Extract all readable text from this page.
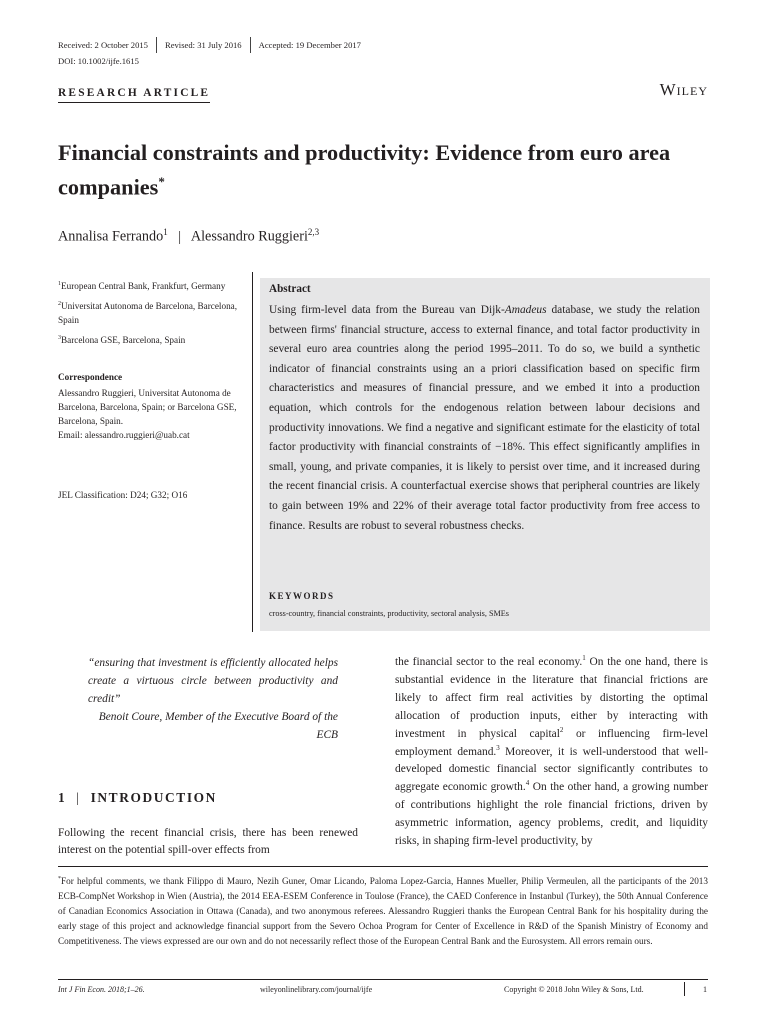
Received: 2 October 2015 Revised: 31 July 2016 Accepted: 19 December 2017
DOI: 10.1002/ijfe.1615
RESEARCH ARTICLE	Wiley
Financial constraints and productivity: Evidence from euro area companies*
Annalisa Ferrando$^1$ | Alessandro Ruggieri$^{2,3}$

$^1$European Central Bank, Frankfurt, Germany

$^2$Universitat Autonoma de Barcelona, Barcelona, Spain

$^3$Barcelona GSE, Barcelona, Spain

Correspondence
Alessandro Ruggieri, Universitat Autonoma de Barcelona, Barcelona, Spain; or Barcelona GSE, Barcelona, Spain.
Email: alessandro.ruggieri@uab.cat
JEL Classification: D24; G32; O16
Abstract

Using firm-level data from the Bureau van Dijk-Amadeus database, we study the relation between firms' financial structure, access to external finance, and total factor productivity in several euro area countries along the period 1995–2011. To do so, we build a synthetic indicator of financial constraints using an a priori classification based on specific firm characteristics and measures of financial pressure, and we embed it into a production equation, which controls for the endogenous relation between labour decisions and productivity innovations. We find a negative and significant estimate for the elasticity of total factor productivity with financial constraints of −18%. This effect significantly amplifies in small, young, and private companies, it is likely to persist over time, and it increased during the recent financial crisis. A counterfactual exercise shows that peripheral countries are likely to gain between 19% and 22% of their average total factor productivity from free access to finance. Results are robust to several robustness checks.

KEYWORDS
cross-country, financial constraints, productivity, sectoral analysis, SMEs

“ensuring that investment is efficiently allocated helps create a virtuous circle between productivity and credit”

Benoit Coure, Member of the Executive Board of the ECB
1 | INTRODUCTION

Following the recent financial crisis, there has been renewed interest on the potential spill-over effects from

the financial sector to the real economy.$^1$ On the one hand, there is substantial evidence in the literature that financial frictions are likely to affect firm real activities by distorting the optimal allocation of production inputs, either by interacting with investment in physical capital$^2$ or influencing firm-level employment demand.$^3$ Moreover, it is well-understood that well-developed domestic financial sector significantly contributes to aggregate economic growth.$^4$ On the other hand, a growing number of contributions highlight the role financial frictions, driven by asymmetric information, agency problems, credit, and liquidity risks, in shaping firm-level productivity, by

*For helpful comments, we thank Filippo di Mauro, Nezih Guner, Omar Licando, Paloma Lopez-Garcia, Hannes Mueller, Philip Vermeulen, all the participants of the 2013 ECB-CompNet Workshop in Wien (Austria), the 2014 EEA-ESEM Conference in Toulose (France), the CAED Conference in Instanbul (Turkey), the 50th Annual Conference of Canadian Economics Association in Ottawa (Canada), and two anonymous referees. Alessandro Ruggieri thanks the European Central Bank for his hospitality during the early stage of this project and acknowledge financial support from the Severo Ochoa Program for Center of Excellence in R&D of the Spanish Ministry of Economy and Competitiveness. The views expressed are our own and do not necessarily reflect those of the European Central Bank and the Eurosystem. All errors remain ours.

Int J Fin Econ. 2018;1–26.	wileyonlinelibrary.com/journal/ijfe	Copyright © 2018 John Wiley & Sons, Ltd.	1
